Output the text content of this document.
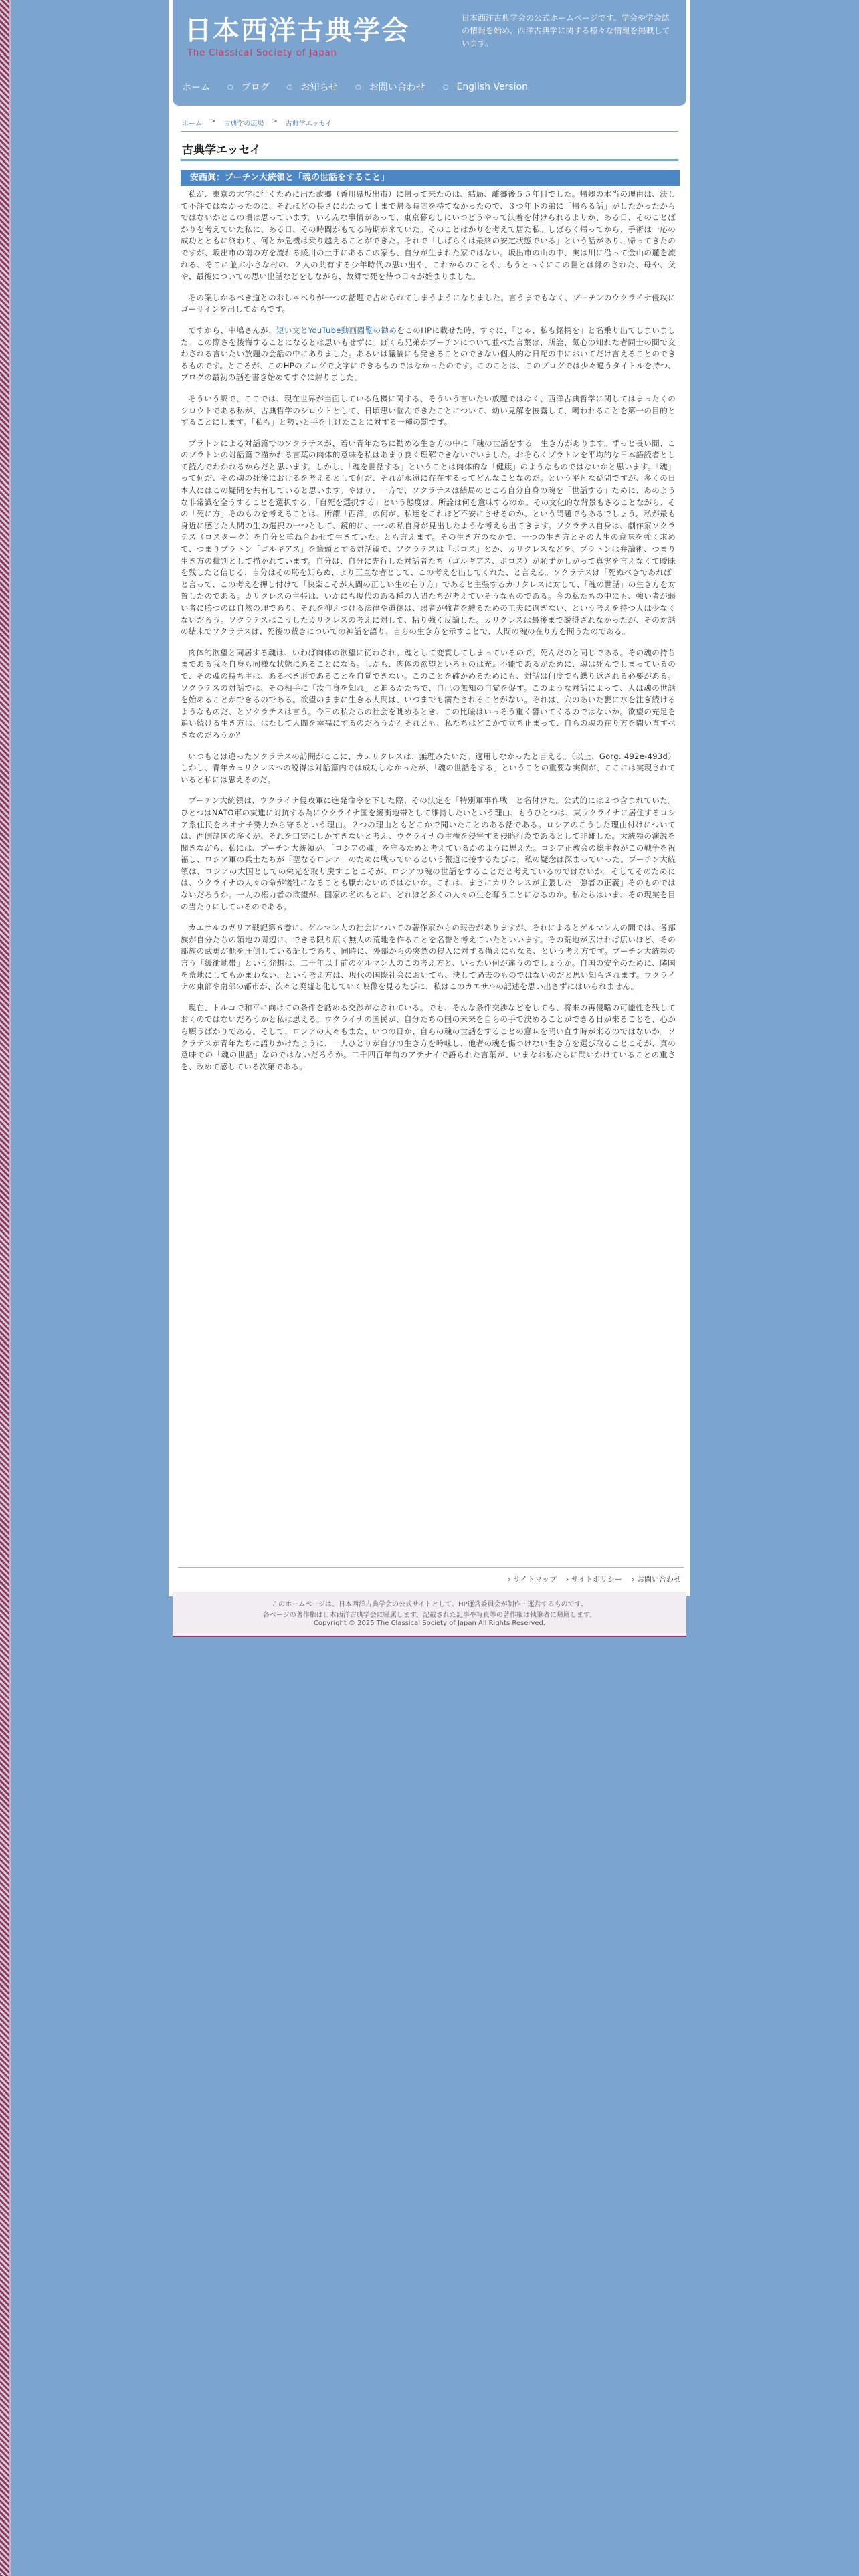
日本西洋古典学会
The Classical Society of Japan
日本西洋古典学会の公式ホームページです。学会や学会誌の情報を始め、西洋古典学に関する様々な情報を掲載しています。
ホーム	○ ブログ	○ お知らせ	○ お問い合わせ	○ English Version
ホーム > 古典学の広場 > 古典学エッセイ
古典学エッセイ
安西眞：プーチン大統領と「魂の世話をすること」

私が、東京の大学に行くために出た故郷（香川県坂出市）に帰って来たのは、結局、離郷後５５年目でした。帰郷の本当の理由は、決して不評ではなかったのに、それほどの長さにわたって土まで帰る時間を持てなかったので、３つ年下の弟に「帰らる話」がしたかったからではないかとこの頃は思っています。いろんな事情があって、東京暮らしにいつどうやって決着を付けられるよりか、ある日、そのことばかりを考えていた私に、ある日、その時間がもてる時期が来ていた。そのことはかりを考えて居た私。しばらく帰ってから、手術は一応の成功とともに終わり、何とか危機は乗り越えることができた。それで「しばらくは最終の安定状態でいる」という話があり、帰ってきたのですが、坂出市の南の方を流れる綾川の土手にあるこの家も、自分が生まれた家ではない。坂出市の山の中、実は川に沿って金山の麓を流れる、そこに並ぶ小さな村の、２人の共有する少年時代の思い出や、これからのことや、もうとっくにこの世とは縁のされた、母や、父や、最後についての思い出話などをしながら、故郷で死を待つ日々が始まりました。

その案しかるべき道とのおしゃべりが一つの話題で占められてしまうようになりました。言うまでもなく、プーチンのウクライナ侵攻にゴーサインを出してからです。

ですから、中嶋さんが、短い文とYouTube動画閲覧の勧めをこのHPに載せた時、すぐに、「じゃ、私も銘柄を」と名乗り出てしまいました。この際さを後悔することになるとは思いもせずに。ぼくら兄弟がプーチンについて並べた言葉は、所詮、気心の知れた者同士の間で交わされる言いたい放題の会話の中にありました。あるいは議論にも発きることのできない個人的な日記の中においてだけ言えることのできるものです。ところが、このHPのブログで文字にできるものではなかったのです。このことは、このブログでは少々違うタイトルを持つ、ブログの最初の話を書き始めてすぐに解りました。

そういう訳で、ここでは、現在世界が当面している危機に関する、そういう言いたい放題ではなく、西洋古典哲学に関してはまったくのシロウトである私が、古典哲学のシロウトとして、日頃思い悩んできたことについて、幼い見解を披露して、喝われることを第一の目的とすることにします。「私も」と勢いと手を上げたことに対する一種の罰です。

プラトンによる対話篇でのソクラテスが、若い青年たちに勧める生き方の中に「魂の世話をする」生き方があります。ずっと長い間、このプラトンの対話篇で描かれる言葉の肉体的意味を私はあまり良く理解できないでいました。おそらくプラトンを平均的な日本語読者として読んでわかれるからだと思います。しかし、「魂を世話する」ということは肉体的な「健康」のようなものではないかと思います。「魂」って何だ、その魂の死後におけるを考えるとして何だ、それが永遠に存在するってどんなことなのだ。という平凡な疑問ですが、多くの日本人にはこの疑問を共有していると思います。やはり、一方で、ソクラテスは結局のところ自分自身の魂を「世話する」ために、あのような非常識を全うすることを選択する。「自死を選択する」という態度は、所詮は何を意味するのか。その文化的な背景もさることながら、その「死に方」そのものを考えることは、所謂「西洋」の何が、私達をこれほど不安にさせるのか、という問題でもあるでしょう。私が最も身近に感じた人間の生の選択の一つとして、鏡的に、一つの私自身が見出したような考えも出てきます。ソクラテス自身は、劇作家ソクラテス（ロスターク）を自分と重ね合わせて生きていた、とも言えます。その生き方のなかで、一つの生き方とその人生の意味を強く求めて、つまりプラトン「ゴルギアス」を筆頭とする対話篇で、ソクラテスは「ポロス」とか、カリクレスなどを、プラトンは弁論術、つまり生き方の批判として描かれています。自分は、自分に先行した対話者たち（ゴルギアス、ポロス）が恥ずかしがって真実を言えなくて曖昧を残したと信じる、自分はその恥を知らぬ、より正直な者として、この考えを出してくれた、と言える。ソクラテスは「死ぬべきであれば」と言って、この考えを押し付けて「快楽こそが人間の正しい生の在り方」であると主張するカリクレスに対して、「魂の世話」の生き方を対置したのである。カリクレスの主張は、いかにも現代のある種の人間たちが考えていそうなものである。今の私たちの中にも、強い者が弱い者に勝つのは自然の理であり、それを抑えつける法律や道徳は、弱者が強者を縛るための工夫に過ぎない、という考えを持つ人は少なくないだろう。ソクラテスはこうしたカリクレスの考えに対して、粘り強く反論した。カリクレスは最後まで説得されなかったが、その対話の結末でソクラテスは、死後の裁きについての神話を語り、自らの生き方を示すことで、人間の魂の在り方を問うたのである。

肉体的欲望と同居する魂は、いわば肉体の欲望に従わされ、魂として変質してしまっているので、死んだのと同じである。その魂の持ちまである我々自身も同様な状態にあることになる。しかも、肉体の欲望といろものは充足不能であるがために、魂は死んでしまっているので、その魂の持ち主は、あるべき形であることを自覚できない。このことを確かめるためにも、対話は何度でも繰り返される必要がある。ソクラテスの対話では、その相手に「汝自身を知れ」と迫るかたちで、自己の無知の自覚を促す。このような対話によって、人は魂の世話を始めることができるのである。欲望のままに生きる人間は、いつまでも満たされることがない。それは、穴のあいた甕に水を注ぎ続けるようなものだ、とソクラテスは言う。今日の私たちの社会を眺めるとき、この比喩はいっそう重く響いてくるのではないか。欲望の充足を追い続ける生き方は、はたして人間を幸福にするのだろうか？それとも、私たちはどこかで立ち止まって、自らの魂の在り方を問い直すべきなのだろうか？

いつもとは違ったソクラテスの訪問がここに、カェリクレスは、無理みたいだ。適用しなかったと言える。（以上、Gorg. 492e-493d）しかし、青年カェリクレスへの説得は対話篇内では成功しなかったが、「魂の世話をする」ということの重要な実例が、ここには実現されていると私には思えるのだ。

プーチン大統領は、ウクライナ侵攻軍に進発命令を下した際、その決定を「特別軍事作戦」と名付けた。公式的には２つ含まれていた。ひとつはNATO軍の東進に対抗する為にウクライナ国を緩衝地帯として維持したいという理由、もうひとつは、東ウクライナに居住するロシア系住民をネオナチ勢力から守るという理由。２つの理由ともどこかで聞いたことのある話である。ロシアのこうした理由付けについては、西側諸国の多くが、それを口実にしかすぎないと考え、ウクライナの主権を侵害する侵略行為であるとして非難した。大統領の演説を聞きながら、私には、プーチン大統領が、「ロシアの魂」を守るためと考えているかのように思えた。ロシア正教会の総主教がこの戦争を祝福し、ロシア軍の兵士たちが「聖なるロシア」のために戦っているという報道に接するたびに、私の疑念は深まっていった。プーチン大統領は、ロシアの大国としての栄光を取り戻すことこそが、ロシアの魂の世話をすることだと考えているのではないか。そしてそのためには、ウクライナの人々の命が犠牲になることも厭わないのではないか。これは、まさにカリクレスが主張した「強者の正義」そのものではないだろうか。一人の権力者の欲望が、国家の名のもとに、どれほど多くの人々の生を奪うことになるのか。私たちはいま、その現実を目の当たりにしているのである。

カエサルのガリア戦記第６巻に、ゲルマン人の社会についての著作家からの報告がありますが、それによるとゲルマン人の間では、各部族が自分たちの領地の周辺に、できる限り広く無人の荒地を作ることを名誉と考えていたといいます。その荒地が広ければ広いほど、その部族の武勇が他を圧倒している証しであり、同時に、外部からの突然の侵入に対する備えにもなる、という考え方です。プーチン大統領の言う「緩衝地帯」という発想は、二千年以上前のゲルマン人のこの考え方と、いったい何が違うのでしょうか。自国の安全のために、隣国を荒地にしてもかまわない、という考え方は、現代の国際社会においても、決して過去のものではないのだと思い知らされます。ウクライナの東部や南部の都市が、次々と廃墟と化していく映像を見るたびに、私はこのカエサルの記述を思い出さずにはいられません。

現在、トルコで和平に向けての条件を話める交渉がなされている。でも、そんな条件交渉などをしても、将来の再侵略の可能性を残しておくのではないだろうかと私は思える。ウクライナの国民が、自分たちの国の未来を自らの手で決めることができる日が来ることを、心から願うばかりである。そして、ロシアの人々もまた、いつの日か、自らの魂の世話をすることの意味を問い直す時が来るのではないか。ソクラテスが青年たちに語りかけたように、一人ひとりが自分の生き方を吟味し、他者の魂を傷つけない生き方を選び取ることこそが、真の意味での「魂の世話」なのではないだろうか。二千四百年前のアテナイで語られた言葉が、いまなお私たちに問いかけていることの重さを、改めて感じている次第である。

› サイトマップ › サイトポリシー › お問い合わせ
このホームページは、日本西洋古典学会の公式サイトとして、HP運営委員会が制作・運営するものです。
各ページの著作権は日本西洋古典学会に帰属します。記載された記事や写真等の著作権は執筆者に帰属します。
Copyright © 2025 The Classical Society of Japan All Rights Reserved.
